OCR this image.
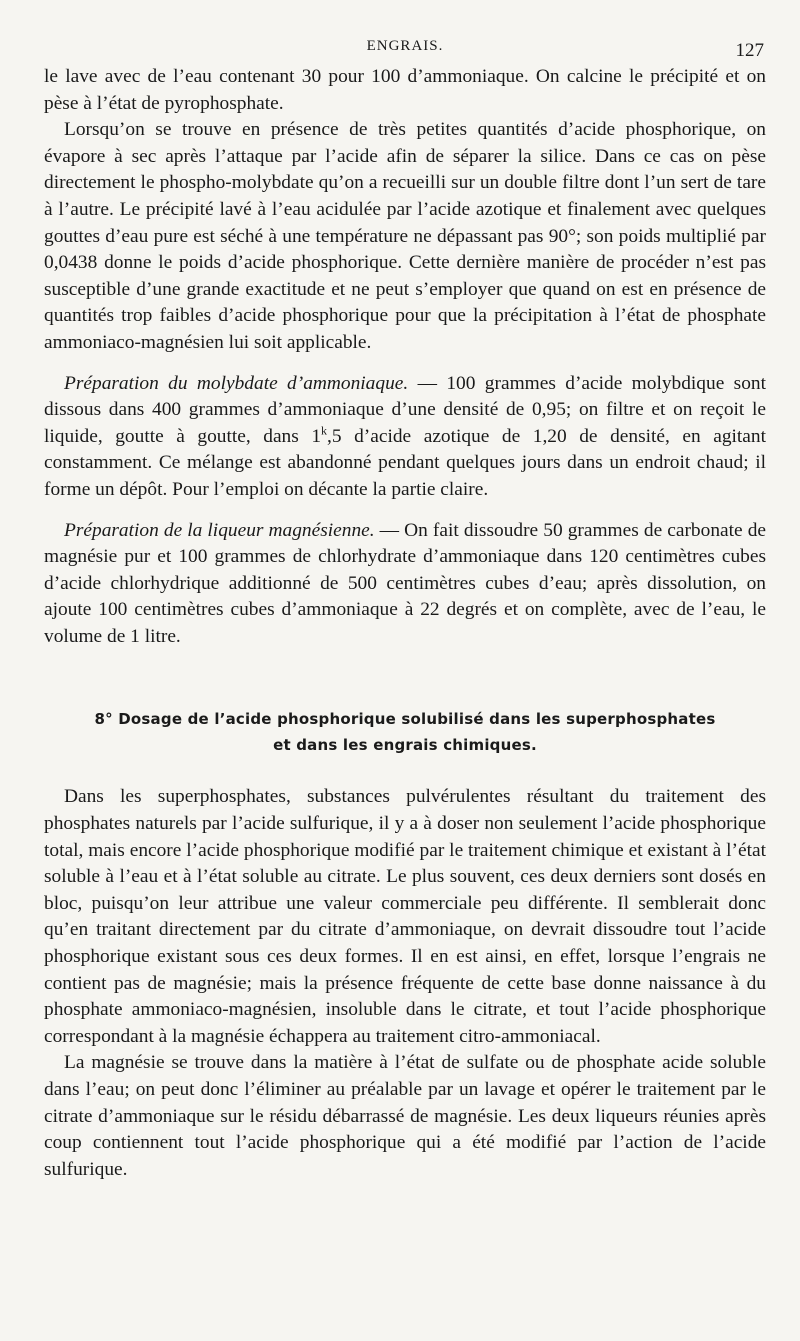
ENGRAIS.	127

le lave avec de l’eau contenant 30 pour 100 d’ammoniaque. On calcine le précipité et on pèse à l’état de pyrophosphate.

Lorsqu’on se trouve en présence de très petites quantités d’acide phosphorique, on évapore à sec après l’attaque par l’acide afin de séparer la silice. Dans ce cas on pèse directement le phospho-molybdate qu’on a recueilli sur un double filtre dont l’un sert de tare à l’autre. Le précipité lavé à l’eau acidulée par l’acide azotique et finalement avec quelques gouttes d’eau pure est séché à une température ne dépassant pas 90°; son poids multiplié par 0,0438 donne le poids d’acide phosphorique. Cette dernière manière de procéder n’est pas susceptible d’une grande exactitude et ne peut s’employer que quand on est en présence de quantités trop faibles d’acide phosphorique pour que la précipitation à l’état de phosphate ammoniaco-magnésien lui soit applicable.

Préparation du molybdate d’ammoniaque. — 100 grammes d’acide molybdique sont dissous dans 400 grammes d’ammoniaque d’une densité de 0,95; on filtre et on reçoit le liquide, goutte à goutte, dans 1$^k$,5 d’acide azotique de 1,20 de densité, en agitant constamment. Ce mélange est abandonné pendant quelques jours dans un endroit chaud; il forme un dépôt. Pour l’emploi on décante la partie claire.

Préparation de la liqueur magnésienne. — On fait dissoudre 50 grammes de carbonate de magnésie pur et 100 grammes de chlorhydrate d’ammoniaque dans 120 centimètres cubes d’acide chlorhydrique additionné de 500 centimètres cubes d’eau; après dissolution, on ajoute 100 centimètres cubes d’ammoniaque à 22 degrés et on complète, avec de l’eau, le volume de 1 litre.

8° Dosage de l’acide phosphorique solubilisé dans les superphosphates
et dans les engrais chimiques.

Dans les superphosphates, substances pulvérulentes résultant du traitement des phosphates naturels par l’acide sulfurique, il y a à doser non seulement l’acide phosphorique total, mais encore l’acide phosphorique modifié par le traitement chimique et existant à l’état soluble à l’eau et à l’état soluble au citrate. Le plus souvent, ces deux derniers sont dosés en bloc, puisqu’on leur attribue une valeur commerciale peu différente. Il semblerait donc qu’en traitant directement par du citrate d’ammoniaque, on devrait dissoudre tout l’acide phosphorique existant sous ces deux formes. Il en est ainsi, en effet, lorsque l’engrais ne contient pas de magnésie; mais la présence fréquente de cette base donne naissance à du phosphate ammoniaco-magnésien, insoluble dans le citrate, et tout l’acide phosphorique correspondant à la magnésie échappera au traitement citro-ammoniacal.

La magnésie se trouve dans la matière à l’état de sulfate ou de phosphate acide soluble dans l’eau; on peut donc l’éliminer au préalable par un lavage et opérer le traitement par le citrate d’ammoniaque sur le résidu débarrassé de magnésie. Les deux liqueurs réunies après coup contiennent tout l’acide phosphorique qui a été modifié par l’action de l’acide sulfurique.
